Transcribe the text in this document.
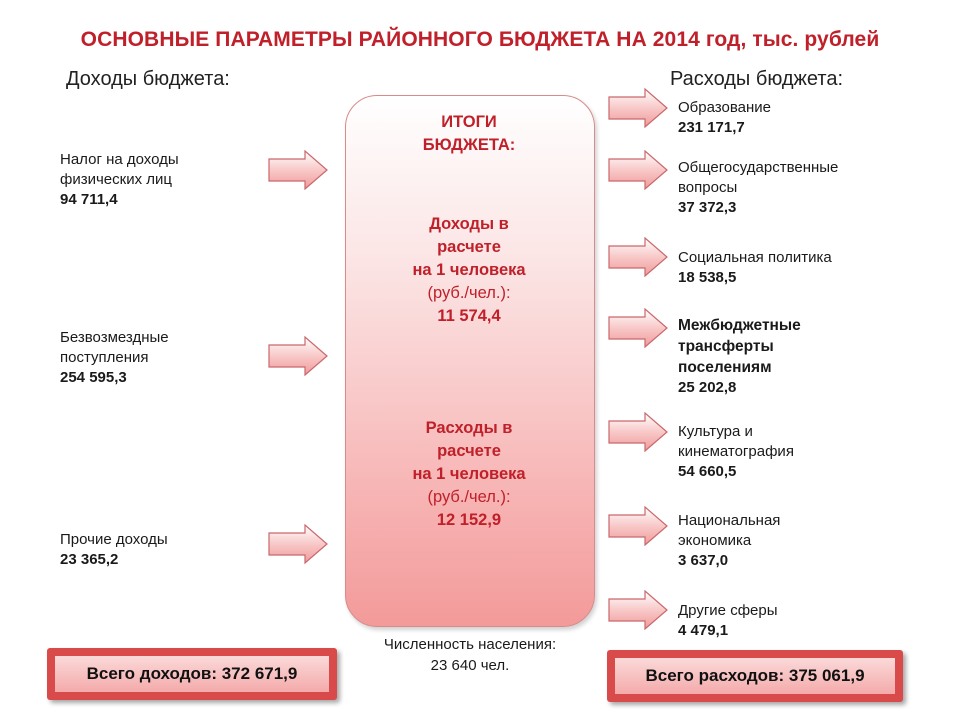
ОСНОВНЫЕ ПАРАМЕТРЫ РАЙОННОГО БЮДЖЕТА НА 2014 год, тыс. рублей
Доходы бюджета:	Расходы бюджета:
Налог на доходы
физических лиц
94 711,4
Безвозмездные
поступления
254 595,3
Прочие доходы
23 365,2
ИТОГИ
БЮДЖЕТА:
Доходы в
расчете
на 1 человека
(руб./чел.):
11 574,4
Расходы в
расчете
на 1 человека
(руб./чел.):
12 152,9
Образование
231 171,7
Общегосударственные
вопросы
37 372,3
Социальная политика
18 538,5
Межбюджетные
трансферты
поселениям
25 202,8
Культура и
кинематография
54 660,5
Национальная
экономика
3 637,0
Другие сферы
4 479,1
Численность населения:
23 640 чел.
Всего доходов: 372 671,9	Всего расходов: 375 061,9
